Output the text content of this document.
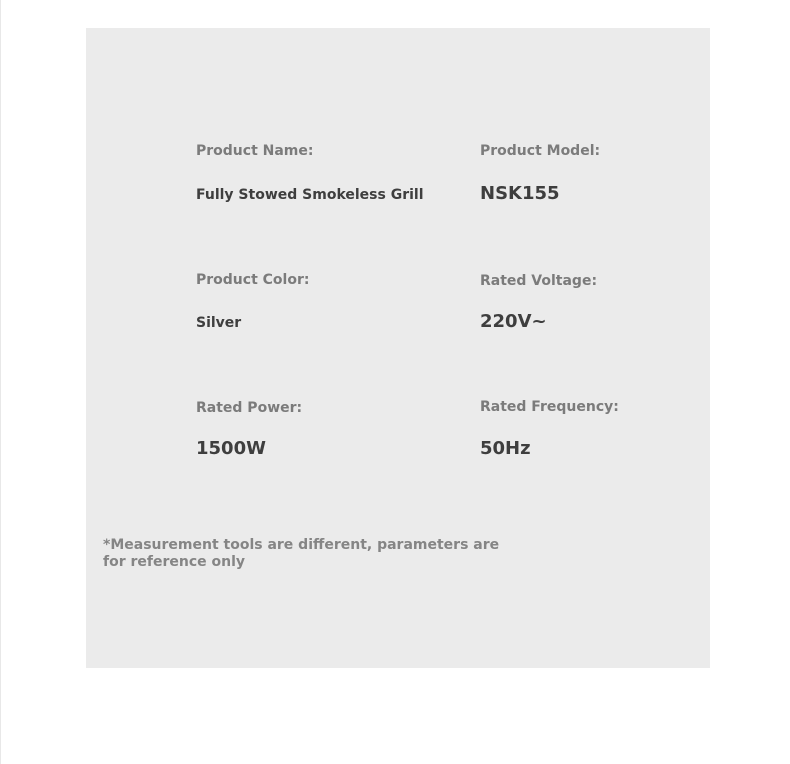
Product Name:
Fully Stowed Smokeless Grill
Product Model:
NSK155
Product Color:
Silver
Rated Voltage:
220V~
Rated Power:
1500W
Rated Frequency:
50Hz
*Measurement tools are different, parameters are for reference only
